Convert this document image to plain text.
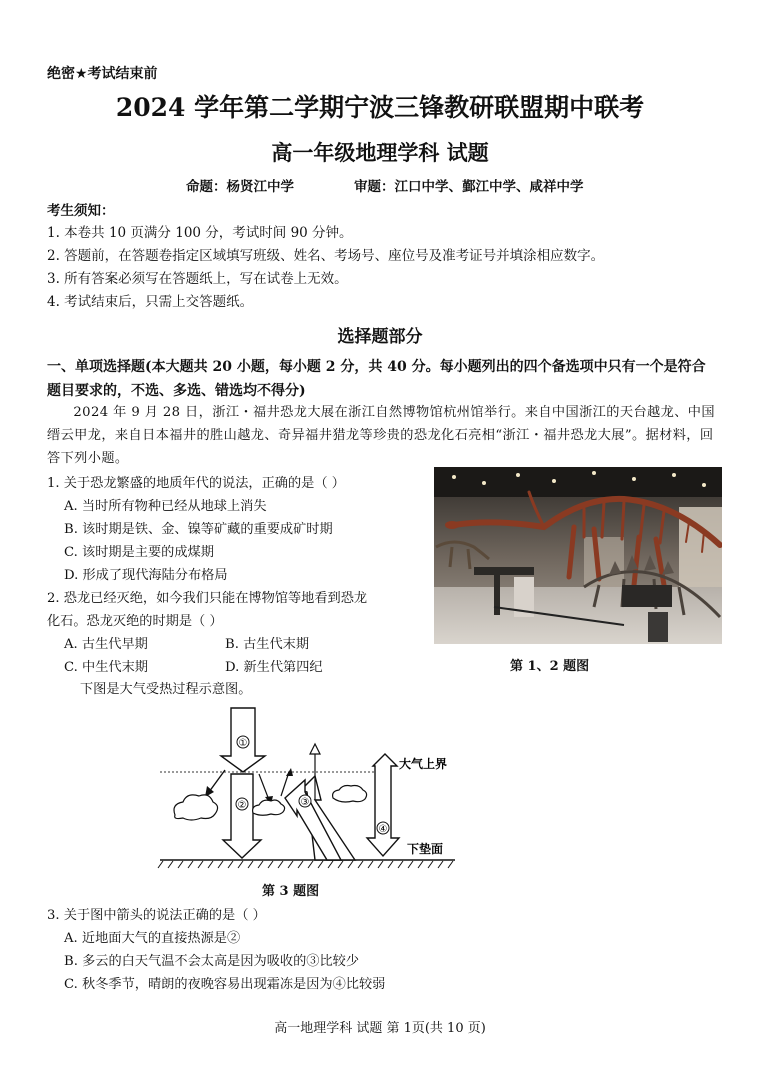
绝密★考试结束前
2024 学年第二学期宁波三锋教研联盟期中联考
高一年级地理学科 试题
命题：杨贤江中学	审题：江口中学、鄞江中学、咸祥中学
考生须知：
1. 本卷共 10 页满分 100 分，考试时间 90 分钟。
2. 答题前，在答题卷指定区域填写班级、姓名、考场号、座位号及准考证号并填涂相应数字。
3. 所有答案必须写在答题纸上，写在试卷上无效。
4. 考试结束后，只需上交答题纸。
选择题部分
一、单项选择题(本大题共 20 小题，每小题 2 分，共 40 分。每小题列出的四个备选项中只有一个是符合题目要求的，不选、多选、错选均不得分)
2024 年 9 月 28 日，浙江・福井恐龙大展在浙江自然博物馆杭州馆举行。来自中国浙江的天台越龙、中国缙云甲龙，来自日本福井的胜山越龙、奇异福井猎龙等珍贵的恐龙化石亮相“浙江・福井恐龙大展”。据材料，回答下列小题。
1. 关于恐龙繁盛的地质年代的说法，正确的是（ ）
A. 当时所有物种已经从地球上消失
B. 该时期是铁、金、镍等矿藏的重要成矿时期
C. 该时期是主要的成煤期
D. 形成了现代海陆分布格局
2. 恐龙已经灭绝，如今我们只能在博物馆等地看到恐龙
化石。恐龙灭绝的时期是（ ）
A. 古生代早期	B. 古生代末期
C. 中生代末期	D. 新生代第四纪	第 1、2 题图
下图是大气受热过程示意图。
①
②	③
④
大气上界
下垫面
第 3 题图
3. 关于图中箭头的说法正确的是（ ）
A. 近地面大气的直接热源是②
B. 多云的白天气温不会太高是因为吸收的③比较少
C. 秋冬季节，晴朗的夜晚容易出现霜冻是因为④比较弱
高一地理学科 试题 第 1页(共 10 页)
